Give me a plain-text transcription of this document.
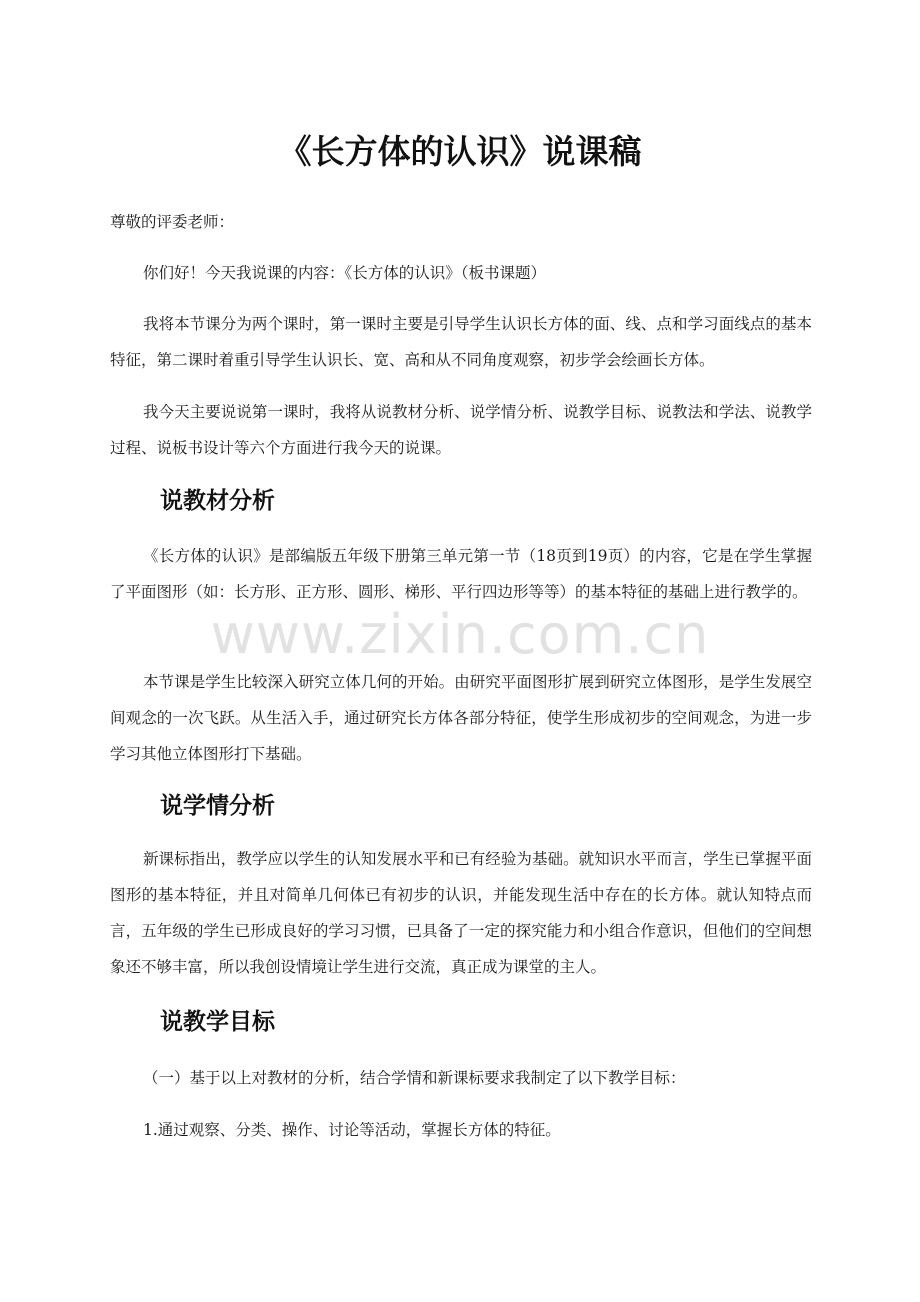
《长方体的认识》说课稿

尊敬的评委老师：

你们好！今天我说课的内容：《长方体的认识》（板书课题）

我将本节课分为两个课时，第一课时主要是引导学生认识长方体的面、线、点和学习面线点的基本特征，第二课时着重引导学生认识长、宽、高和从不同角度观察，初步学会绘画长方体。

我今天主要说说第一课时，我将从说教材分析、说学情分析、说教学目标、说教法和学法、说教学过程、说板书设计等六个方面进行我今天的说课。

说教材分析

《长方体的认识》是部编版五年级下册第三单元第一节（18页到19页）的内容，它是在学生掌握了平面图形（如：长方形、正方形、圆形、梯形、平行四边形等等）的基本特征的基础上进行教学的。

本节课是学生比较深入研究立体几何的开始。由研究平面图形扩展到研究立体图形，是学生发展空间观念的一次飞跃。从生活入手，通过研究长方体各部分特征，使学生形成初步的空间观念，为进一步学习其他立体图形打下基础。

说学情分析

新课标指出，教学应以学生的认知发展水平和已有经验为基础。就知识水平而言，学生已掌握平面图形的基本特征，并且对简单几何体已有初步的认识，并能发现生活中存在的长方体。就认知特点而言，五年级的学生已形成良好的学习习惯，已具备了一定的探究能力和小组合作意识，但他们的空间想象还不够丰富，所以我创设情境让学生进行交流，真正成为课堂的主人。

说教学目标

（一）基于以上对教材的分析，结合学情和新课标要求我制定了以下教学目标：

1.通过观察、分类、操作、讨论等活动，掌握长方体的特征。

www.zixin.com.cn
